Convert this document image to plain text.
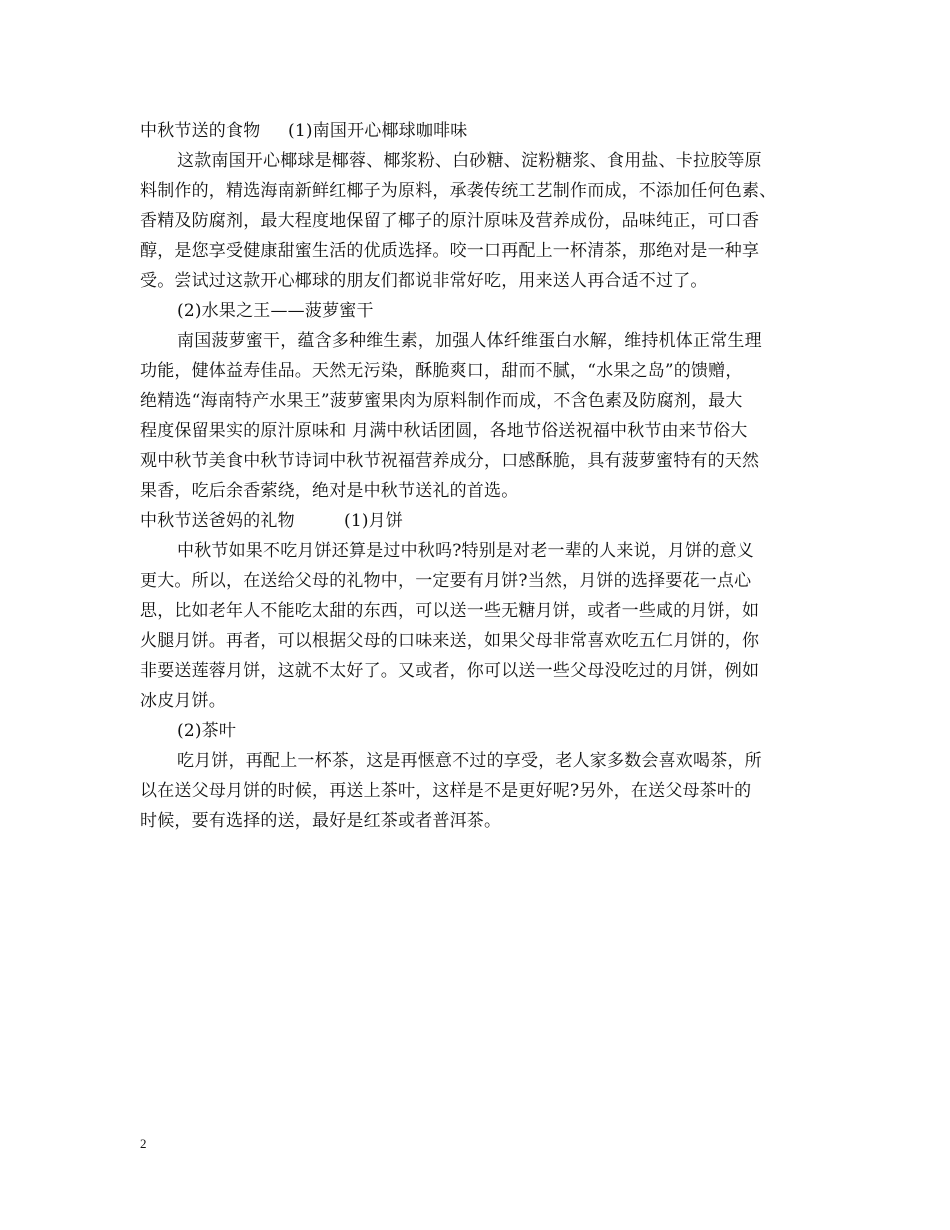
中秋节送的食物	(1)南国开心椰球咖啡味
这款南国开心椰球是椰蓉、椰浆粉、白砂糖、淀粉糖浆、食用盐、卡拉胶等原
料制作的，精选海南新鲜红椰子为原料，承袭传统工艺制作而成，不添加任何色素、
香精及防腐剂，最大程度地保留了椰子的原汁原味及营养成份，品味纯正，可口香
醇，是您享受健康甜蜜生活的优质选择。咬一口再配上一杯清茶，那绝对是一种享
受。尝试过这款开心椰球的朋友们都说非常好吃，用来送人再合适不过了。
(2)水果之王——菠萝蜜干
南国菠萝蜜干，蕴含多种维生素，加强人体纤维蛋白水解，维持机体正常生理
功能，健体益寿佳品。天然无污染，酥脆爽口，甜而不腻，“水果之岛”的馈赠，
绝精选“海南特产水果王”菠萝蜜果肉为原料制作而成，不含色素及防腐剂，最大
程度保留果实的原汁原味和 月满中秋话团圆，各地节俗送祝福中秋节由来节俗大
观中秋节美食中秋节诗词中秋节祝福营养成分，口感酥脆，具有菠萝蜜特有的天然
果香，吃后余香萦绕，绝对是中秋节送礼的首选。
中秋节送爸妈的礼物	(1)月饼
中秋节如果不吃月饼还算是过中秋吗?特别是对老一辈的人来说，月饼的意义
更大。所以，在送给父母的礼物中，一定要有月饼?当然，月饼的选择要花一点心
思，比如老年人不能吃太甜的东西，可以送一些无糖月饼，或者一些咸的月饼，如
火腿月饼。再者，可以根据父母的口味来送，如果父母非常喜欢吃五仁月饼的，你
非要送莲蓉月饼，这就不太好了。又或者，你可以送一些父母没吃过的月饼，例如
冰皮月饼。
(2)茶叶
吃月饼，再配上一杯茶，这是再惬意不过的享受，老人家多数会喜欢喝茶，所
以在送父母月饼的时候，再送上茶叶，这样是不是更好呢?另外，在送父母茶叶的
时候，要有选择的送，最好是红茶或者普洱茶。
2
